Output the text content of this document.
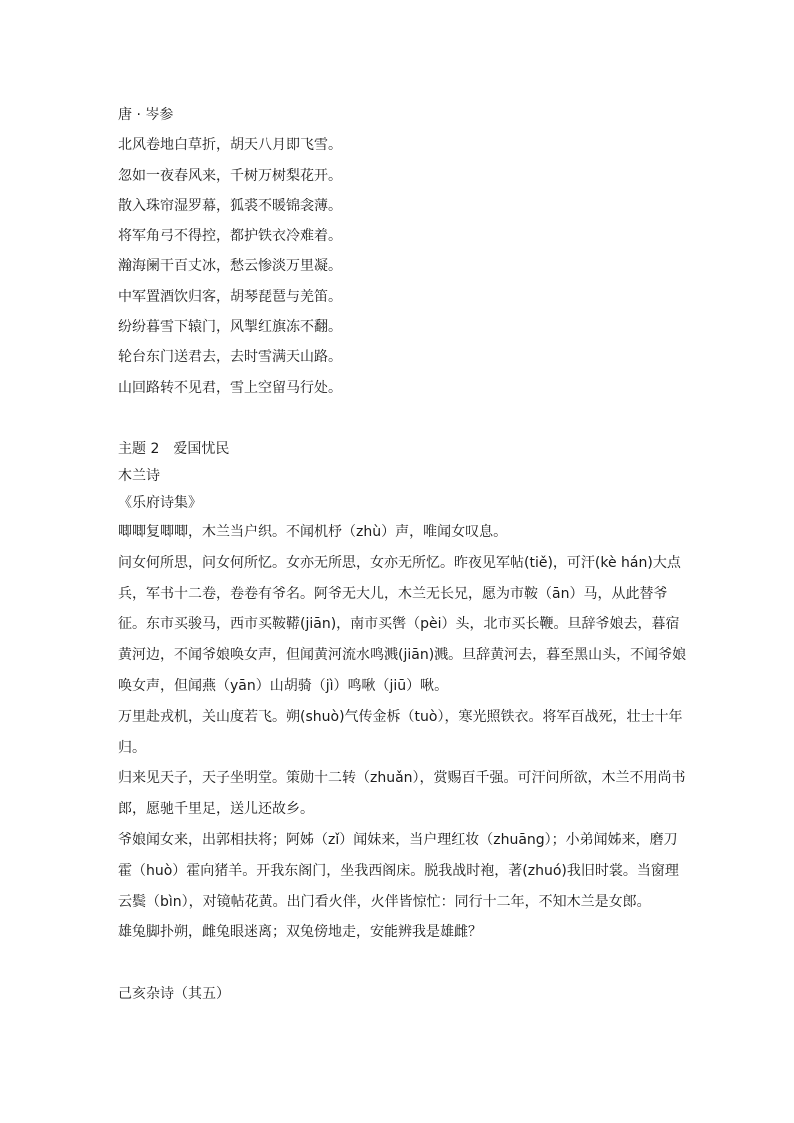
唐 · 岑参
北风卷地白草折，胡天八月即飞雪。
忽如一夜春风来，千树万树梨花开。
散入珠帘湿罗幕，狐裘不暖锦衾薄。
将军角弓不得控，都护铁衣冷难着。
瀚海阑干百丈冰，愁云惨淡万里凝。
中军置酒饮归客，胡琴琵琶与羌笛。
纷纷暮雪下辕门，风掣红旗冻不翻。
轮台东门送君去，去时雪满天山路。
山回路转不见君，雪上空留马行处。
主题 2　爱国忧民
木兰诗
《乐府诗集》

唧唧复唧唧，木兰当户织。不闻机杼（zhù）声，唯闻女叹息。

问女何所思，问女何所忆。女亦无所思，女亦无所忆。昨夜见军帖(tiě)，可汗(kè hán)大点兵，军书十二卷，卷卷有爷名。阿爷无大儿，木兰无长兄，愿为市鞍（ān）马，从此替爷征。东市买骏马，西市买鞍鞯(jiān)，南市买辔（pèi）头，北市买长鞭。旦辞爷娘去，暮宿黄河边，不闻爷娘唤女声，但闻黄河流水鸣溅(jiān)溅。旦辞黄河去，暮至黑山头，不闻爷娘唤女声，但闻燕（yān）山胡骑（jì）鸣啾（jiū）啾。

万里赴戎机，关山度若飞。朔(shuò)气传金柝（tuò），寒光照铁衣。将军百战死，壮士十年归。

归来见天子，天子坐明堂。策勋十二转（zhuǎn），赏赐百千强。可汗问所欲，木兰不用尚书郎，愿驰千里足，送儿还故乡。

爷娘闻女来，出郭相扶将；阿姊（zǐ）闻妹来，当户理红妆（zhuāng）；小弟闻姊来，磨刀霍（huò）霍向猪羊。开我东阁门，坐我西阁床。脱我战时袍，著(zhuó)我旧时裳。当窗理云鬓（bìn），对镜帖花黄。出门看火伴，火伴皆惊忙：同行十二年，不知木兰是女郎。

雄兔脚扑朔，雌兔眼迷离；双兔傍地走，安能辨我是雄雌？

己亥杂诗（其五）
